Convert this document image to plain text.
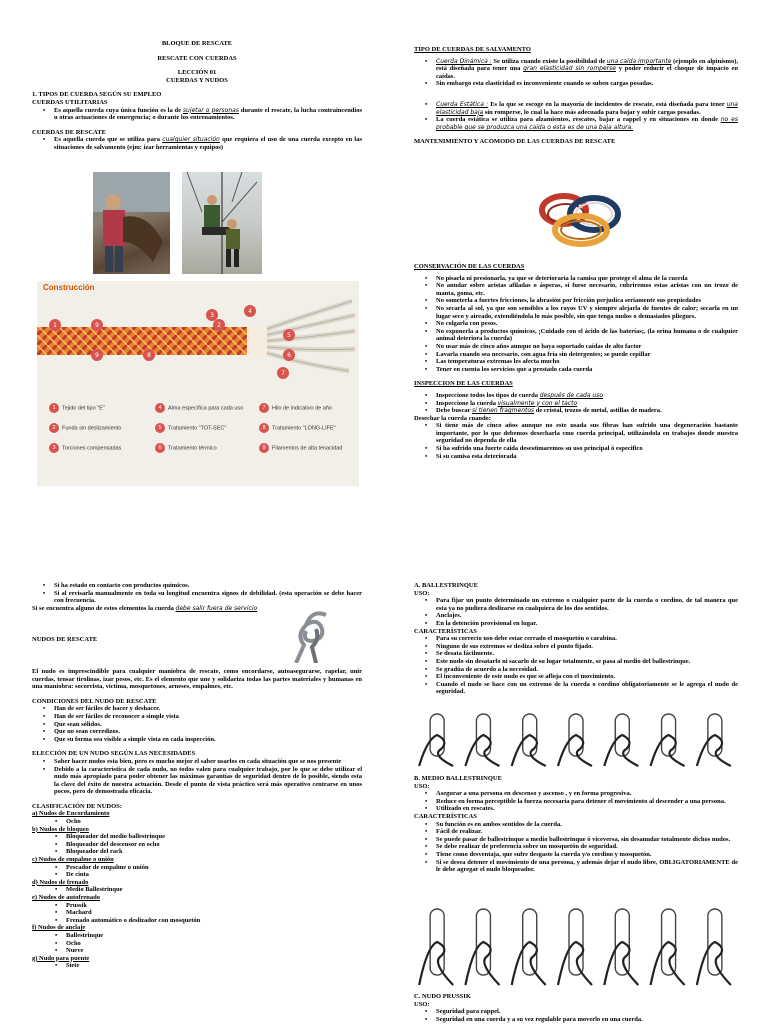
BLOQUE DE RESCATE
RESCATE CON CUERDAS
LECCIÓN 01
CUERDAS Y NUDOS
1. TIPOS DE CUERDA SEGÚN SU EMPLEO
CUERDAS UTILITARIAS
• Es aquella cuerda cuya única función es la de sujetar o personas durante el rescate, la lucha contraincendios u otras actuaciones de emergencia; o durante los entrenamientos.
CUERDAS DE RESCATE
• Es aquella cuerda que se utiliza para cualquier situación que requiera el uso de una cuerda excepto en las situaciones de salvamento (ejm: izar herramientas y equipos)
Construcción
1	9
9	8
3
2
4
5
6
7
1 Tejido del tipo "E"
2 Funda sin deslizamiento
3 Torciones compensadas
4 Alma específica para cada uso
5 Tratamiento "TOT-SEC"
6 Tratamiento térmico
7 Hilo de indicativo de año
8 Tratamiento "LONG-LIFE"
9 Filamentos de alta tenacidad
TIPO DE CUERDAS DE SALVAMENTO
• Cuerda Dinámica : Se utiliza cuando existe la posibilidad de una caída importante (ejemplo en alpinismo), está diseñada para tener una gran elasticidad sin romperse y poder reducir el choque de impacto en caídas.
• Sin embargo esta elasticidad es inconveniente cuando se suben cargas pesadas.
• Cuerda Estática : Es la que se escoge en la mayoría de incidentes de rescate, está diseñada para tener una elasticidad baja sin romperse, lo cual la hace más adecuada para bajar y subir cargas pesadas.
• La cuerda estática se utiliza para alzamientos, rescates, bajar a rappel y en situaciones en donde no es probable que se produzca una caída o esta es de una baja altura.
MANTENIMIENTO Y ACOMODO DE LAS CUERDAS DE RESCATE
CONSERVACIÓN DE LAS CUERDAS
• No pisarla ni presionarla, ya que se deterioraría la camisa que protege el alma de la cuerda
• No anudar sobre aristas afiladas o ásperas, si fuese necesario, cubriremos estas aristas con un trozo de manta, goma, etc.
• No someterla a fuertes fricciones, la abrasión por fricción perjudica seriamente sus propiedades
• No secarla al sol, ya que son sensibles a los rayos UV y siempre alejarla de fuentes de calor; secarla en un lugar seco y aireado, extendiéndola lo más posible, sin que tenga nudos o demasiados pliegues.
• No colgarla con pesos.
• No exponerla a productos químicos, ¡Cuidado con el ácido de las baterías;, (la orina humana o de cualquier animal deteriora la cuerda)
• No usar más de cinco años aunque no haya soportado caídas de alto factor
• Lavarla cuando sea necesario, con agua fría sin detergentes; se puede cepillar
• Las temperaturas extremas les afecta mucho
• Tener en cuenta los servicios que a prestado cada cuerda
INSPECCION DE LAS CUERDAS
• Inspeccione todos los tipos de cuerda después de cada uso
• Inspeccione la cuerda visualmente y con el tacto
• Debe buscar si tienen fragmentos de cristal, trozos de metal, astillas de madera.
Desechar la cuerda cuando:
• Si tiene más de cinco años aunque no este usada sus fibras han sufrido una degeneración bastante importante, por lo que debemos desecharla cmo cuerda principal, utilizándola en trabajos donde nuestra seguridad no dependa de ella
• Si ha sufrido una fuerte caída desestimaremos su uso principal ó especifico
• Si su camisa esta deteriorada
• Si ha estado en contacto con productos químicos.
• Si al revisarla manualmente en toda su longitud encuentra signos de debilidad. (esta operación se debe hacer con frecuencia.
Si se encuentra alguno de estos elementos la cuerda debe salir fuera de servicio
NUDOS DE RESCATE
El nudo es imprescindible para cualquier maniobra de rescate, como encordarse, autoasegurarse, rapelar, unir cuerdas, tensar tirolinas, izar pesos, etc. Es el elemento que une y solidariza todas las partes materiales y humanas en una maniobra: socorrista, víctima, mosquetones, arneses, empalmes, etc.
CONDICIONES DEL NUDO DE RESCATE
• Han de ser fáciles de hacer y deshacer.
• Han de ser fáciles de reconocer a simple vista
• Que sean sólidos.
• Que no sean corredizos.
• Que su forma sea visible a simple vista en cada inspección.
ELECCIÓN DE UN NUDO SEGÚN LAS NECESIDADES
• Saber hacer nudos esta bien, pero es mucho mejor el saber usarlos en cada situación que se nos presente
• Debido a la característica de cada nudo, no todos valen para cualquier trabajo, por lo que se debe utilizar el nudo más apropiado para poder obtener las máximas garantías de seguridad dentro de lo posible, siendo esta la clave del éxito de nuestra actuación. Desde el punto de vista práctico será más operativo centrarse en unos pocos, pero de demostrada eficacia.
CLASIFICACIÓN DE NUDOS:
a) Nudos de Encordamiento
• Ocho
b) Nudos de bloqueo
• Bloqueador del medio ballestrinque
• Bloqueador del descensor en ocho
• Bloqueador del rack
c) Nudos de empalme o unión
• Pescador de empalme o unión
• De cinta
d) Nudos de frenado
• Medio Ballestrinque
e) Nudos de autofrenado
• Prussik
• Machard
• Frenado automático o deslizador con mosquetón
f) Nudos de anclaje
• Ballestrinque
• Ocho
• Nueve
g) Nudo para puente
• Siete
A. BALLESTRINQUE
USO:
• Para fijar un punto determinado un extremo o cualquier parte de la cuerda o cordino, de tal manera que esta ya no pudiera deslizarse en cualquiera de los dos sentidos.
• Anclajes.
• En la detención provisional en lugar.
CARACTERÍSTICAS
• Para su correcto uso debe estar cerrado el mosquetón o carabina.
• Ninguno de sus extremos se desliza sobre el punto fijado.
• Se desata fácilmente.
• Este nudo sin desatarlo ni sacarlo de su lugar totalmente, se pasa al medio del ballestrinque.
• Se gradúa de acuerdo a la necesidad.
• El inconveniente de este nudo es que se afloja con el movimiento.
• Cuando el nudo se hace con un extremo de la cuerda o cordino obligatoriamente se le agrega el nudo de seguridad.
B. MEDIO BALLESTRINQUE
USO:
• Asegurar a una persona en descenso y ascenso , y en forma progresiva.
• Reduce en forma perceptible la fuerza necesaria para detener el movimiento al descender a una persona.
• Utilizado en rescates.
CARACTERÍSTICAS
• Su función es en ambos sentidos de la cuerda.
• Fácil de realizar.
• Se puede pasar de ballestrinque a medio ballestrinque ó viceversa, sin desanudar totalmente dichos nudos.
• Se debe realizar de preferencia sobre un mosquetón de seguridad.
• Tiene como desventaja, que sufre desgaste la cuerda y/o cordino y mosquetón.
• Si se desea detener el movimiento de una persona, y además dejar el nudo libre, OBLIGATORIAMENTE de le debe agregar el nudo bloqueador.
C. NUDO PRUSSIK
USO:
• Seguridad para rappel.
• Seguridad en una cuerda y a su vez regulable para moverlo en una cuerda.
